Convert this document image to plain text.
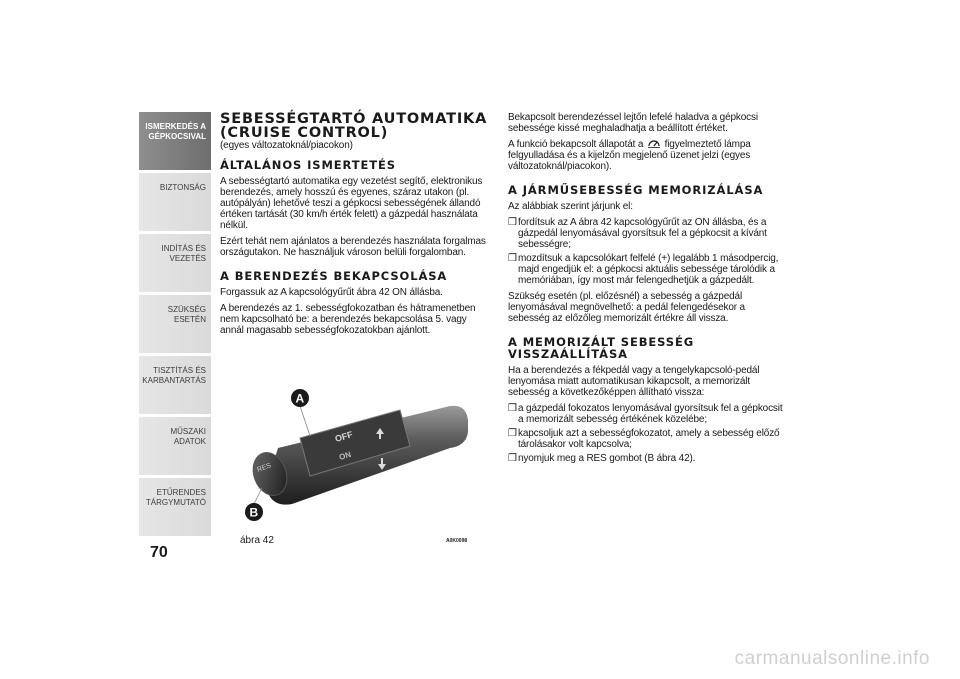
ISMERKEDÉS A GÉPKOCSIVAL
BIZTONSÁG
INDÍTÁS ÉS VEZETÉS
SZÜKSÉG ESETÉN
TISZTÍTÁS ÉS KARBANTARTÁS
MŰSZAKI ADATOK
ETŰRENDES TÁRGYMUTATÓ
70
SEBESSÉGTARTÓ AUTOMATIKA
(CRUISE CONTROL)

(egyes változatoknál/piacokon)

ÁLTALÁNOS ISMERTETÉS

A sebességtartó automatika egy vezetést segítő, elektronikus berendezés, amely hosszú és egyenes, száraz utakon (pl. autópályán) lehetővé teszi a gépkocsi sebességének állandó értéken tartását (30 km/h érték felett) a gázpedál használata nélkül.

Ezért tehát nem ajánlatos a berendezés használata forgalmas országutakon. Ne használjuk városon belüli forgalomban.

A BERENDEZÉS BEKAPCSOLÁSA

Forgassuk az A kapcsológyűrűt ábra 42 ON állásba.

A berendezés az 1. sebességfokozatban és hátramenetben nem kapcsolható be: a berendezés bekapcsolása 5. vagy annál magasabb sebességfokozatokban ajánlott.

RES
OFF
ON
A
B
ábra 42	A0K0098

Bekapcsolt berendezéssel lejtőn lefelé haladva a gépkocsi sebessége kissé meghaladhatja a beállított értéket.

A funkció bekapcsolt állapotát a figyelmeztető lámpa felgyulladása és a kijelzőn megjelenő üzenet jelzi (egyes változatoknál/piacokon).

A JÁRMŰSEBESSÉG MEMORIZÁLÁSA

Az alábbiak szerint járjunk el:

❒fordítsuk az A ábra 42 kapcsológyűrűt az ON állásba, és a gázpedál lenyomásával gyorsítsuk fel a gépkocsit a kívánt sebességre;
❒mozdítsuk a kapcsolókart felfelé (+) legalább 1 másodpercig, majd engedjük el: a gépkocsi aktuális sebessége tárolódik a memóriában, így most már felengedhetjük a gázpedált.

Szükség esetén (pl. előzésnél) a sebesség a gázpedál lenyomásával megnövelhető: a pedál felengedésekor a sebesség az előzőleg memorizált értékre áll vissza.

A MEMORIZÁLT SEBESSÉG
VISSZAÁLLÍTÁSA

Ha a berendezés a fékpedál vagy a tengelykapcsoló-pedál lenyomása miatt automatikusan kikapcsolt, a memorizált sebesség a következőképpen állítható vissza:

❒a gázpedál fokozatos lenyomásával gyorsítsuk fel a gépkocsit a memorizált sebesség értékének közelébe;
❒kapcsoljuk azt a sebességfokozatot, amely a sebesség előző tárolásakor volt kapcsolva;
❒nyomjuk meg a RES gombot (B ábra 42).
carmanualsonline.info
